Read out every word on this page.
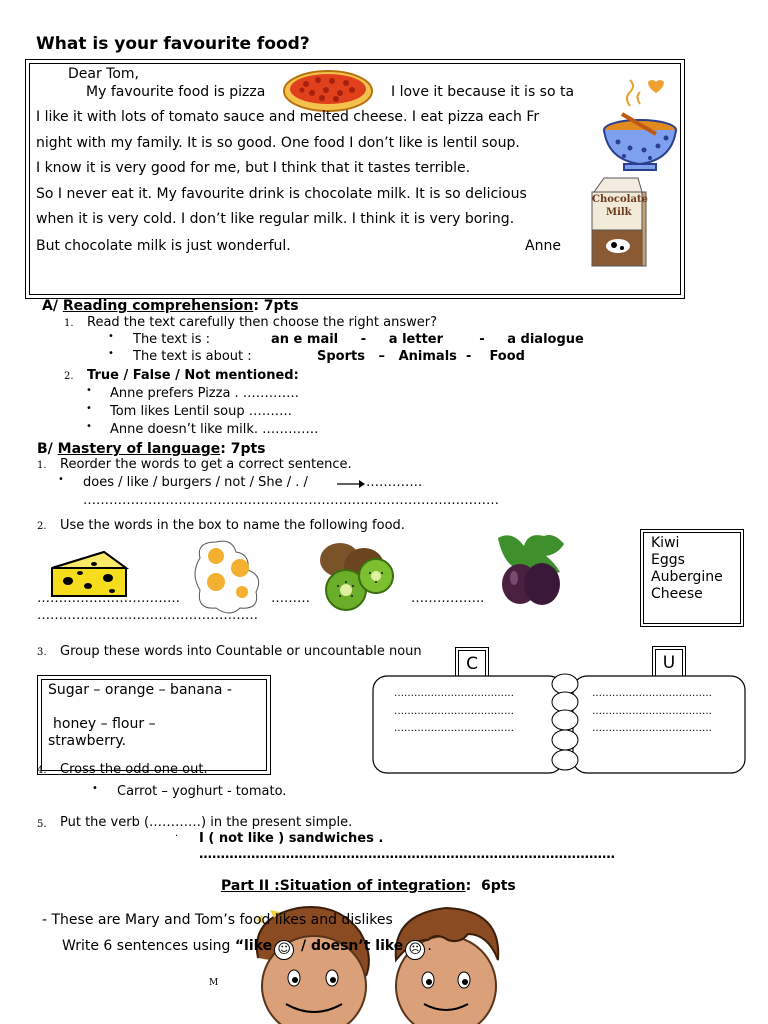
What is your favourite food?
Dear Tom,
My favourite food is pizza	I love it because it is so ta
I like it with lots of tomato sauce and melted cheese. I eat pizza each Fr
night with my family. It is so good. One food I don’t like is lentil soup.
I know it is very good for me, but I think that it tastes terrible.
So I never eat it. My favourite drink is chocolate milk. It is so delicious
when it is very cold. I don’t like regular milk. I think it is very boring.
But chocolate milk is just wonderful.	Anne
Chocolate
Milk
A/ Reading comprehension: 7pts
1. Read the text carefully then choose the right answer?
The text is :	an e mail     -     a letter        -     a dialogue
•
The text is about :	Sports   –   Animals  -    Food
•
2. True / False / Not mentioned:
• Anne prefers Pizza . ………….
• Tom likes Lentil soup ……….
• Anne doesn’t like milk. ………….
B/ Mastery of language: 7pts
1. Reorder the words to get a correct sentence.
• does / like / burgers / not / She / . /	………….
……………………………………………………………………………………
2. Use the words in the box to name the following food.
Kiwi
Eggs
Aubergine
Cheese
……………………………	………	……………..
……………………………………………
3. Group these words into Countable or uncountable noun
C	U
Sugar – orange – banana -
honey – flour –
strawberry.
………………………………
………………………………
………………………………
………………………………
………………………………
………………………………
4. Cross the odd one out.
• Carrot – yoghurt - tomato.
5. Put the verb (…………) in the present simple.
· I ( not like ) sandwiches .
……………………………………………………………………………………
Part II :Situation of integration:  6pts
- These are Mary and Tom’s food likes and dislikes
Write 6 sentences using “like ☺ / doesn’t like ☹ .
M
